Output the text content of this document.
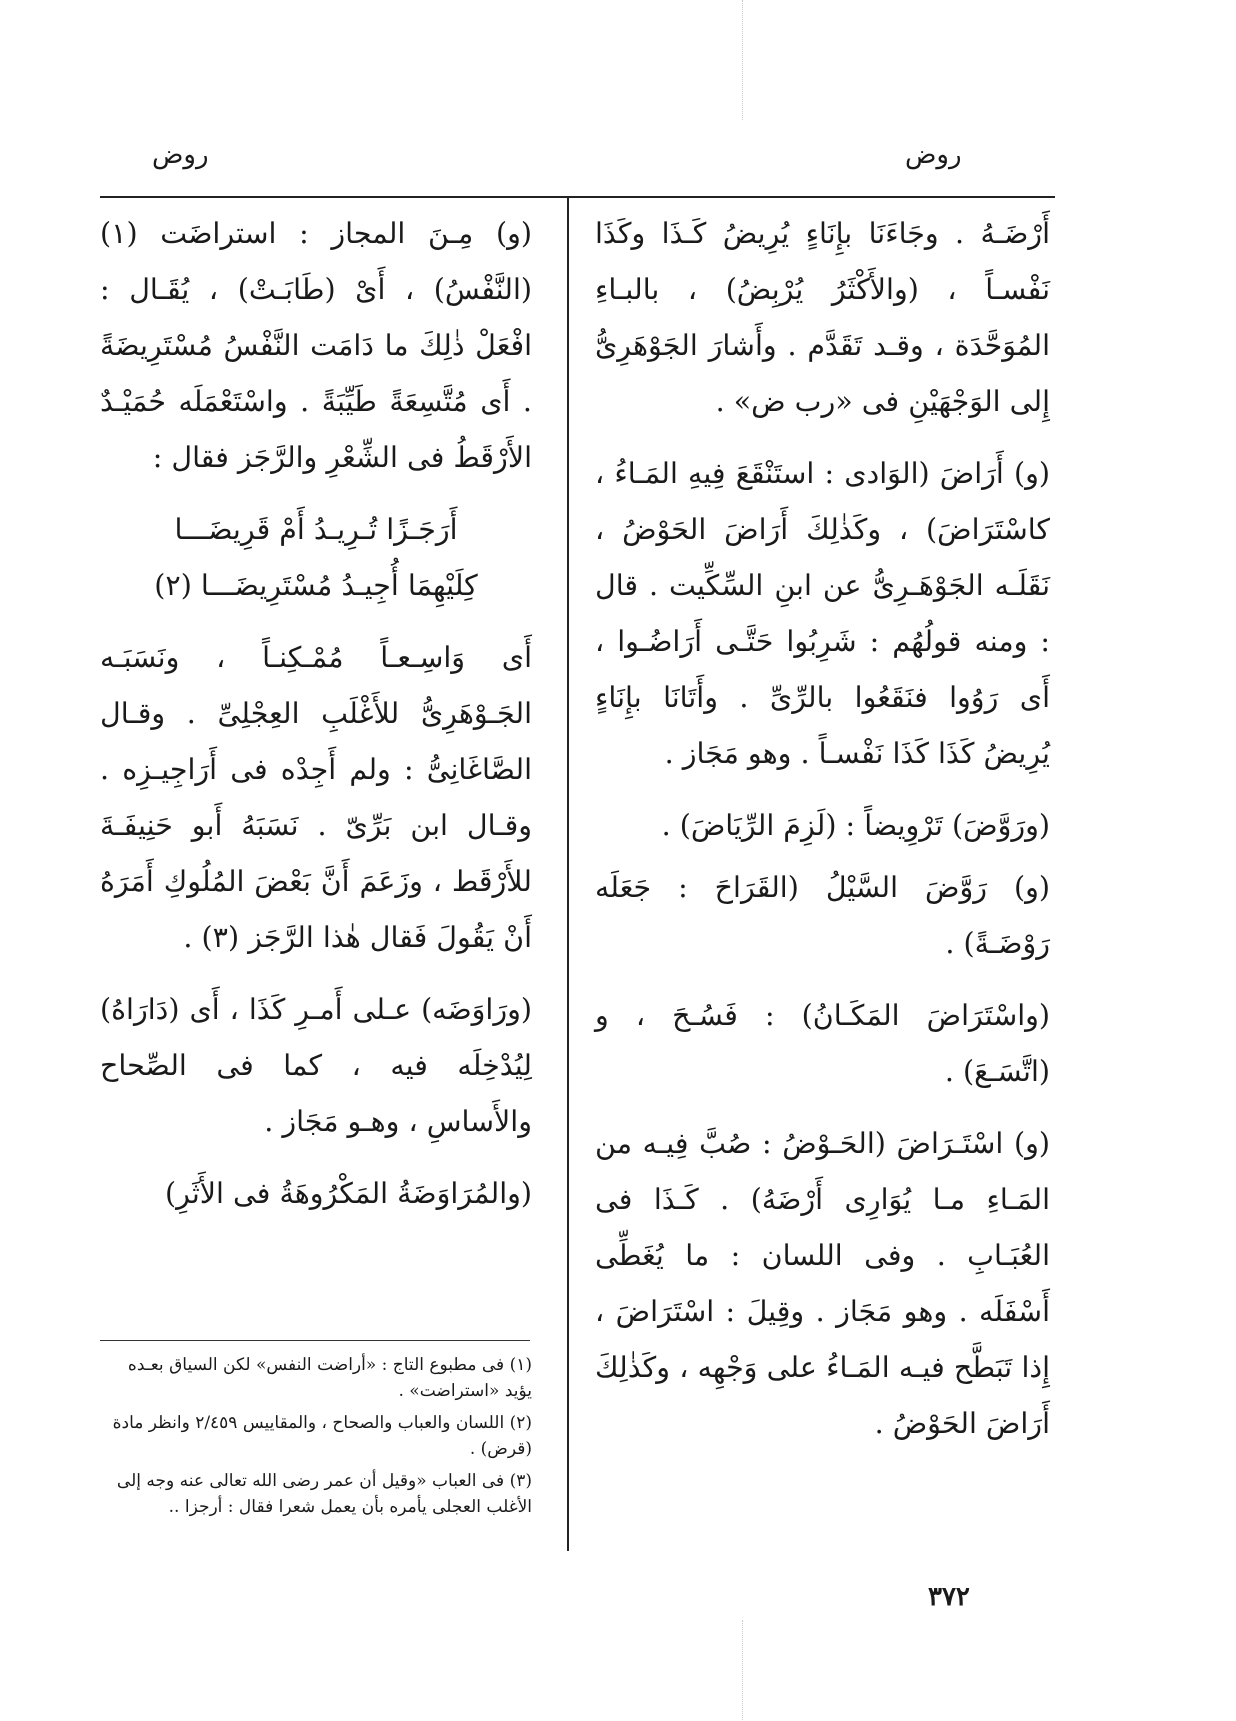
روض
روض

أَرْضَـهُ . وجَاءَنَا بإِنَاءٍ يُرِيضُ كَـذَا وكَذَا نَفْسـاً ، (والأَكْثَرُ يُرْبِضُ) ، بالبـاءِ المُوَحَّدَة ، وقـد تَقَدَّم . وأَشارَ الجَوْهَرِىُّ إِلى الوَجْهَيْنِ فى «رب ض» .

(و) أَرَاضَ (الوَادى : استَنْقَعَ فِيهِ المَـاءُ ، كاسْتَرَاضَ) ، وكَذٰلِكَ أَرَاضَ الحَوْضُ ، نَقَلَـه الجَوْهَـرِىُّ عن ابنِ السِّكِّيت . قال : ومنه قولُهُم : شَرِبُوا حَتَّـى أَرَاضُـوا ، أَى رَوُوا فنَقَعُوا بالرِّىِّ . وأَتَانَا بإِنَاءٍ يُرِيضُ كَذَا كَذَا نَفْسـاً . وهو مَجَاز .

(ورَوَّضَ) تَرْوِيضاً : (لَزِمَ الرِّيَاضَ) .

(و) رَوَّضَ السَّيْلُ (القَرَاحَ : جَعَلَه رَوْضَـةً) .

(واسْتَرَاضَ المَكَـانُ) : فَسُـحَ ، و (اتَّسَـعَ) .

(و) اسْتَـرَاضَ (الحَـوْضُ : صُبَّ فِيـه من المَـاءِ مـا يُوَارِى أَرْضَهُ) . كَـذَا فى العُبَـابِ . وفى اللسان : ما يُغَطِّى أَسْفَلَه . وهو مَجَاز . وقِيلَ : اسْتَرَاضَ ، إِذا تَبَطَّح فيـه المَـاءُ على وَجْهِه ، وكَذٰلِكَ أَرَاضَ الحَوْضُ .

(و) مِـنَ المجاز : استراضَت (١) (النَّفْسُ) ، أَىْ (طَابَـتْ) ، يُقَـال : افْعَلْ ذٰلِكَ ما دَامَت النَّفْسُ مُسْتَرِيضَةً . أَى مُتَّسِعَةً طَيِّبَةً . واسْتَعْمَلَه حُمَيْـدٌ الأَرْقَطُ فى الشِّعْرِ والرَّجَز فقال :

أَرَجَـزًا تُـرِيـدُ أَمْ قَرِيضَـــا
كِلَيْهِمَا أُجِيـدُ مُسْتَرِيضَـــا (٢)

أَى وَاسِـعـاً مُمْـكِنـاً ، ونَسَبَـه الجَـوْهَرِىُّ للأَغْلَبِ العِجْلِىِّ . وقـال الصَّاغَانِىُّ : ولم أَجِدْه فى أَرَاجِيـزِه . وقـال ابن بَرِّىّ . نَسَبَهُ أَبو حَنِيفَـةَ للأَرْقَط ، وزَعَمَ أَنَّ بَعْضَ المُلُوكِ أَمَرَهُ أَنْ يَقُولَ فَقال هٰذا الرَّجَز (٣) .

(ورَاوَضَه) عـلى أَمـرِ كَذَا ، أَى (دَارَاهُ) لِيُدْخِلَه فيه ، كما فى الصِّحاح والأَساسِ ، وهـو مَجَاز .

(والمُرَاوَضَةُ المَكْرُوهَةُ فى الأَثَرِ)

(١) فى مطبوع التاج : «أراضت النفس» لكن السياق بعـده يؤيد «استراضت» .

(٢) اللسان والعباب والصحاح ، والمقاييس ٢/٤٥٩ وانظر مادة (قرض) .

(٣) فى العباب «وقيل أن عمر رضى الله تعالى عنه وجه إلى الأغلب العجلى يأمره بأن يعمل شعرا فقال : أرجزا ..

٣٧٢
